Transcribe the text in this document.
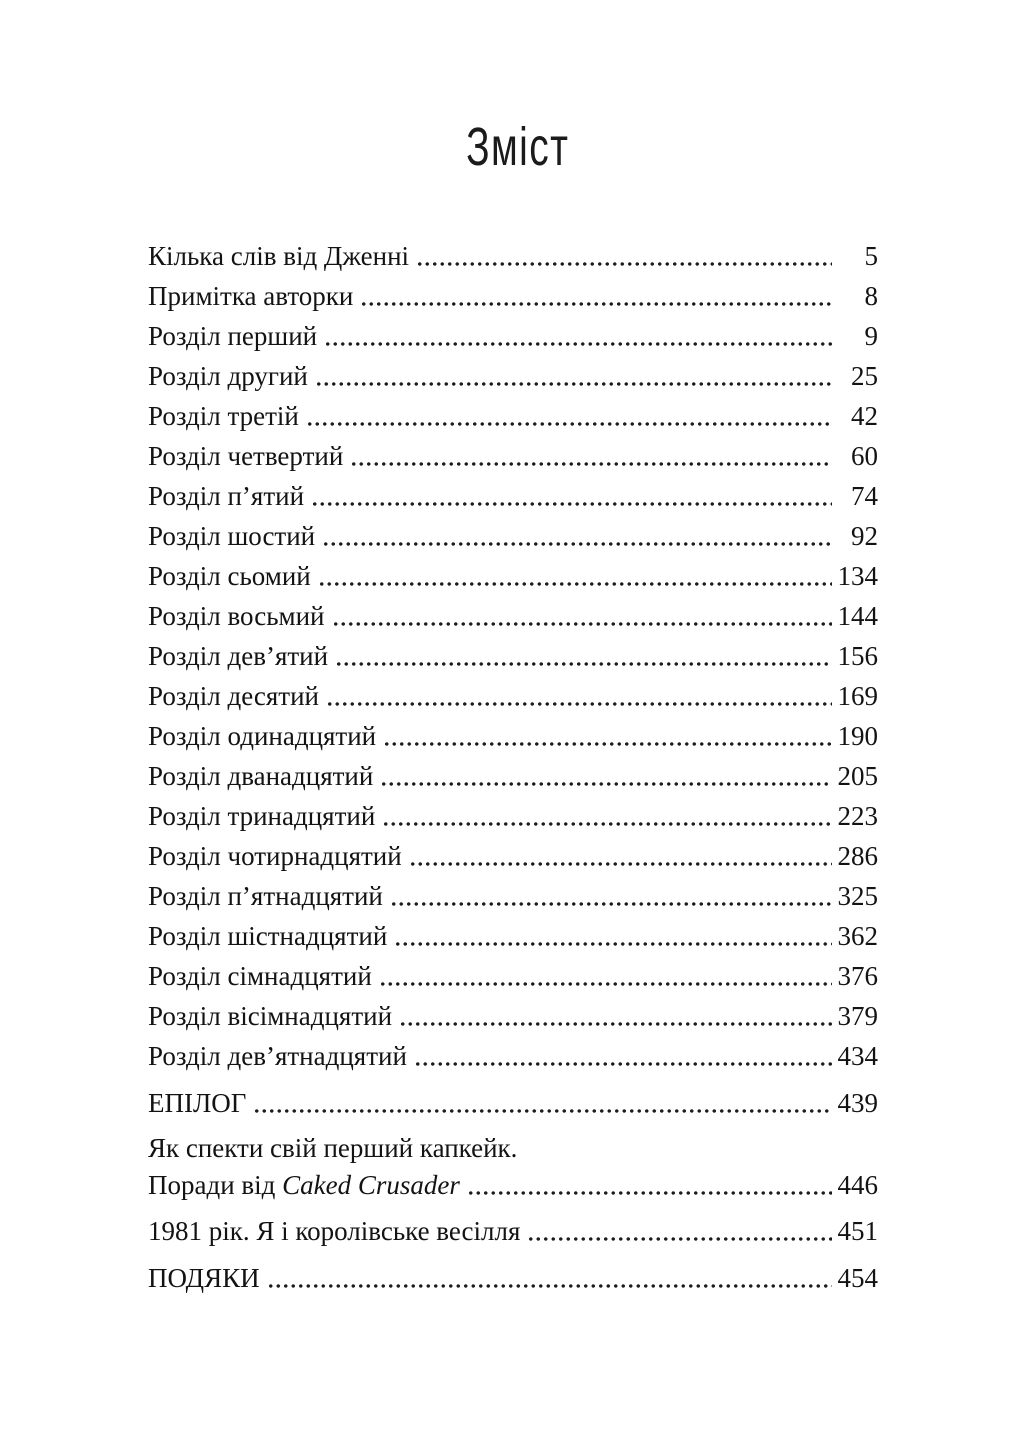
Зміст
Кілька слів від Дженні	5
Примітка авторки	8
Розділ перший	9
Розділ другий	25
Розділ третій	42
Розділ четвертий	60
Розділ п’ятий	74
Розділ шостий	92
Розділ сьомий	134
Розділ восьмий	144
Розділ дев’ятий	156
Розділ десятий	169
Розділ одинадцятий	190
Розділ дванадцятий	205
Розділ тринадцятий	223
Розділ чотирнадцятий	286
Розділ п’ятнадцятий	325
Розділ шістнадцятий	362
Розділ сімнадцятий	376
Розділ вісімнадцятий	379
Розділ дев’ятнадцятий	434
ЕПІЛОГ	439
Як спекти свій перший капкейк.
Поради від Caked Crusader	446
1981 рік. Я і королівське весілля	451
ПОДЯКИ	454
